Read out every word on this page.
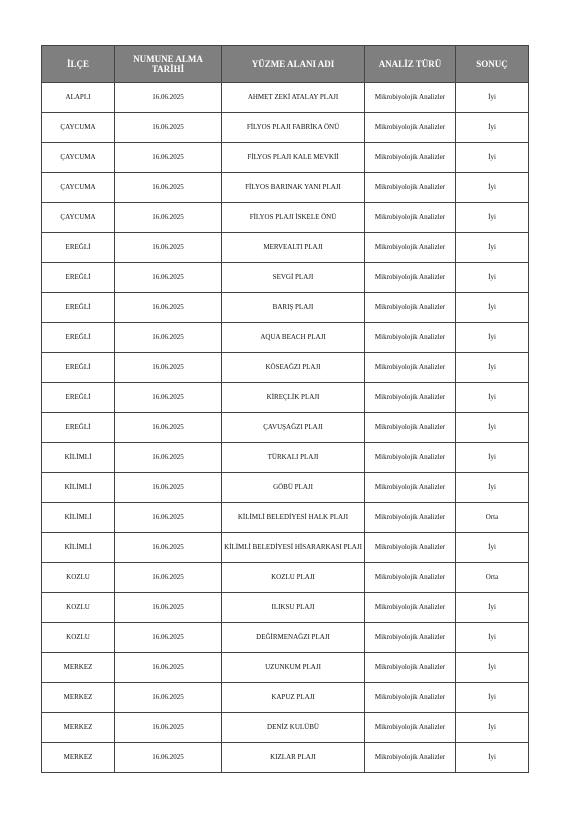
İLÇE	NUMUNE ALMA TARİHİ	YÜZME ALANI ADI	ANALİZ TÜRÜ	SONUÇ
ALAPLI	16.06.2025	AHMET ZEKİ ATALAY PLAJI	Mikrobiyolojik Analizler	İyi
ÇAYCUMA	16.06.2025	FİLYOS PLAJI FABRİKA ÖNÜ	Mikrobiyolojik Analizler	İyi
ÇAYCUMA	16.06.2025	FİLYOS PLAJI KALE MEVKİİ	Mikrobiyolojik Analizler	İyi
ÇAYCUMA	16.06.2025	FİLYOS BARINAK YANI PLAJI	Mikrobiyolojik Analizler	İyi
ÇAYCUMA	16.06.2025	FİLYOS PLAJI İSKELE ÖNÜ	Mikrobiyolojik Analizler	İyi
EREĞLİ	16.06.2025	MERVEALTI PLAJI	Mikrobiyolojik Analizler	İyi
EREĞLİ	16.06.2025	SEVGİ PLAJI	Mikrobiyolojik Analizler	İyi
EREĞLİ	16.06.2025	BARIŞ PLAJI	Mikrobiyolojik Analizler	İyi
EREĞLİ	16.06.2025	AQUA BEACH PLAJI	Mikrobiyolojik Analizler	İyi
EREĞLİ	16.06.2025	KÖSEAĞZI PLAJI	Mikrobiyolojik Analizler	İyi
EREĞLİ	16.06.2025	KİREÇLİK PLAJI	Mikrobiyolojik Analizler	İyi
EREĞLİ	16.06.2025	ÇAVUŞAĞZI PLAJI	Mikrobiyolojik Analizler	İyi
KİLİMLİ	16.06.2025	TÜRKALI PLAJI	Mikrobiyolojik Analizler	İyi
KİLİMLİ	16.06.2025	GÖBÜ PLAJI	Mikrobiyolojik Analizler	İyi
KİLİMLİ	16.06.2025	KİLİMLİ BELEDİYESİ HALK PLAJI	Mikrobiyolojik Analizler	Orta
KİLİMLİ	16.06.2025	KİLİMLİ BELEDİYESİ HİSARARKASI PLAJI	Mikrobiyolojik Analizler	İyi
KOZLU	16.06.2025	KOZLU PLAJI	Mikrobiyolojik Analizler	Orta
KOZLU	16.06.2025	ILIKSU PLAJI	Mikrobiyolojik Analizler	İyi
KOZLU	16.06.2025	DEĞİRMENAĞZI PLAJI	Mikrobiyolojik Analizler	İyi
MERKEZ	16.06.2025	UZUNKUM PLAJI	Mikrobiyolojik Analizler	İyi
MERKEZ	16.06.2025	KAPUZ PLAJI	Mikrobiyolojik Analizler	İyi
MERKEZ	16.06.2025	DENİZ KULÜBÜ	Mikrobiyolojik Analizler	İyi
MERKEZ	16.06.2025	KIZLAR PLAJI	Mikrobiyolojik Analizler	İyi
